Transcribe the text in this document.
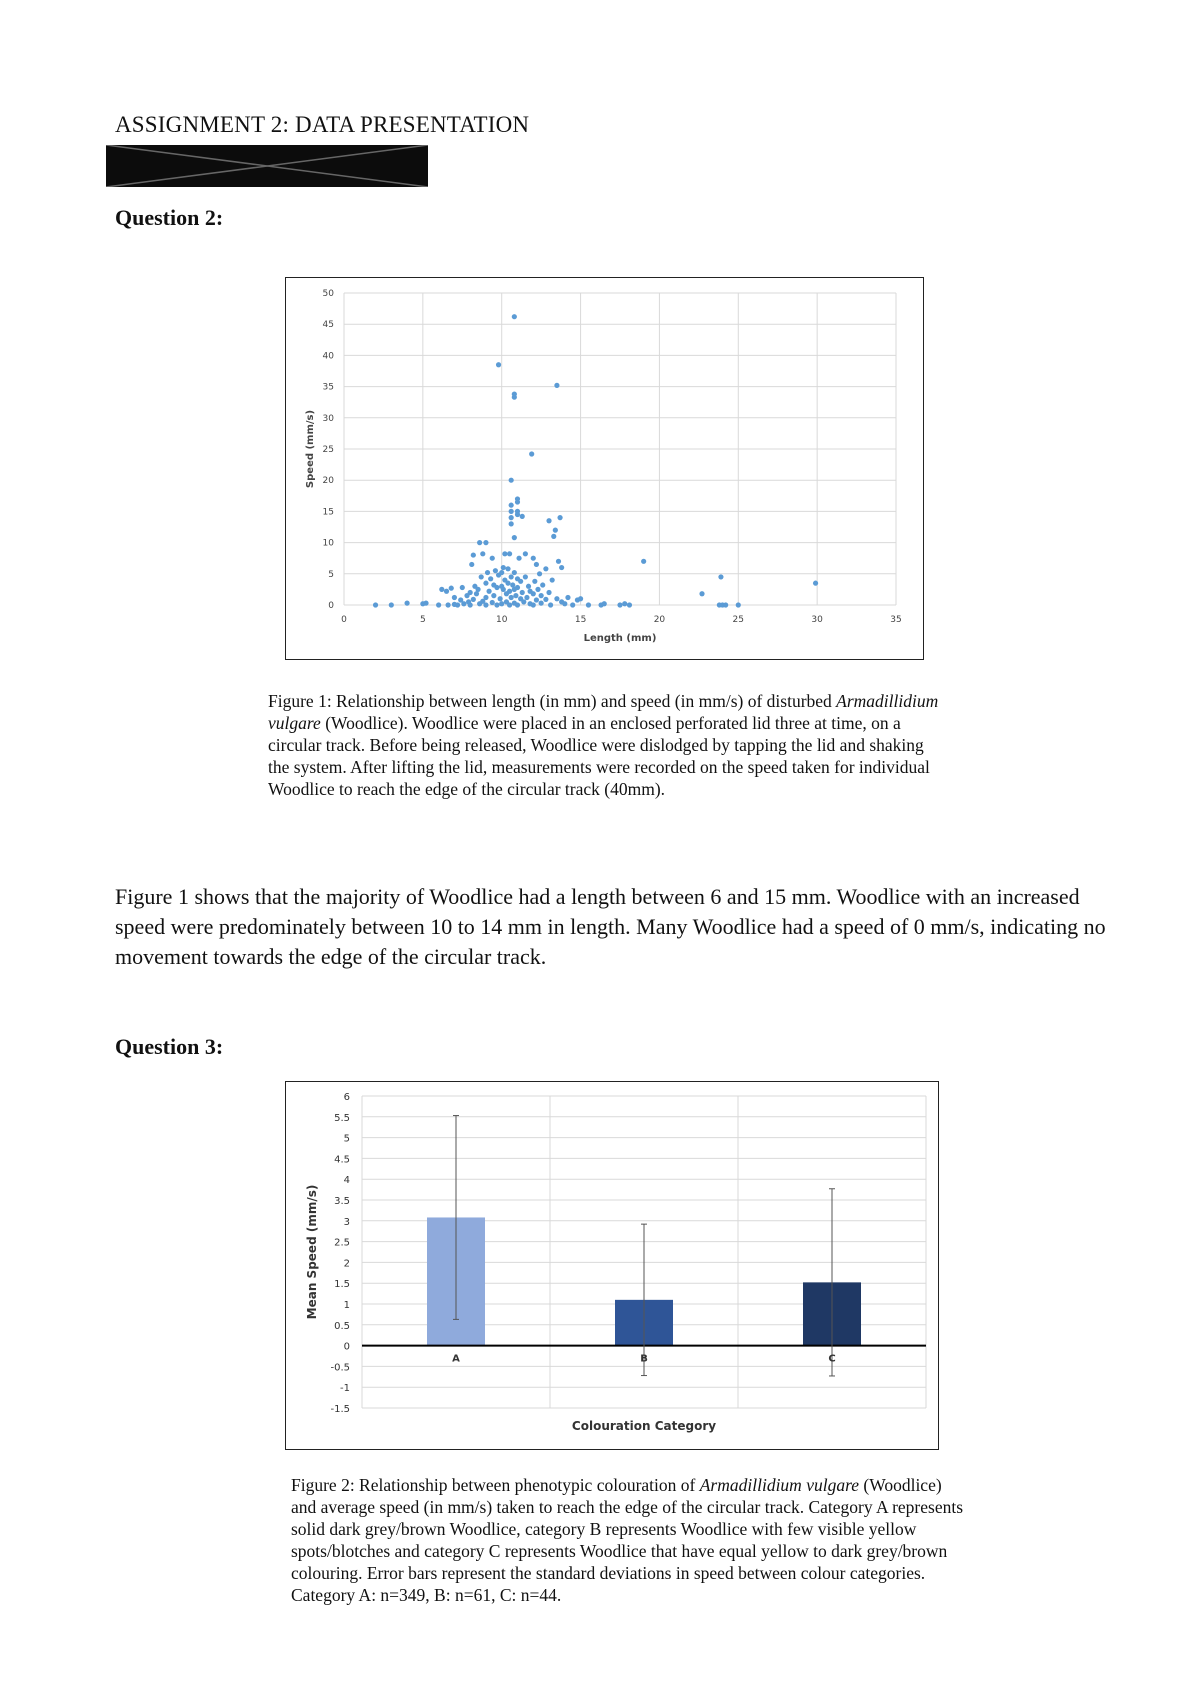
ASSIGNMENT 2: DATA PRESENTATION
Question 2:
0	5	10	15	20	25	30	35
0
5
10
15
20
25
30
35
40
45
50
Length (mm)
Speed (mm/s)
Figure 1: Relationship between length (in mm) and speed (in mm/s) of disturbed Armadillidium vulgare (Woodlice). Woodlice were placed in an enclosed perforated lid three at time, on a circular track. Before being released, Woodlice were dislodged by tapping the lid and shaking the system. After lifting the lid, measurements were recorded on the speed taken for individual Woodlice to reach the edge of the circular track (40mm).
Figure 1 shows that the majority of Woodlice had a length between 6 and 15 mm. Woodlice with an increased speed were predominately between 10 to 14 mm in length. Many Woodlice had a speed of 0 mm/s, indicating no movement towards the edge of the circular track.
Question 3:
6
5.5
5
4.5
4
3.5
3
2.5
2
1.5
1
0.5
0
-0.5
-1
-1.5
A	B	C
Colouration Category
Mean Speed (mm/s)
Figure 2: Relationship between phenotypic colouration of Armadillidium vulgare (Woodlice) and average speed (in mm/s) taken to reach the edge of the circular track. Category A represents solid dark grey/brown Woodlice, category B represents Woodlice with few visible yellow spots/blotches and category C represents Woodlice that have equal yellow to dark grey/brown colouring. Error bars represent the standard deviations in speed between colour categories. Category A: n=349, B: n=61, C: n=44.
